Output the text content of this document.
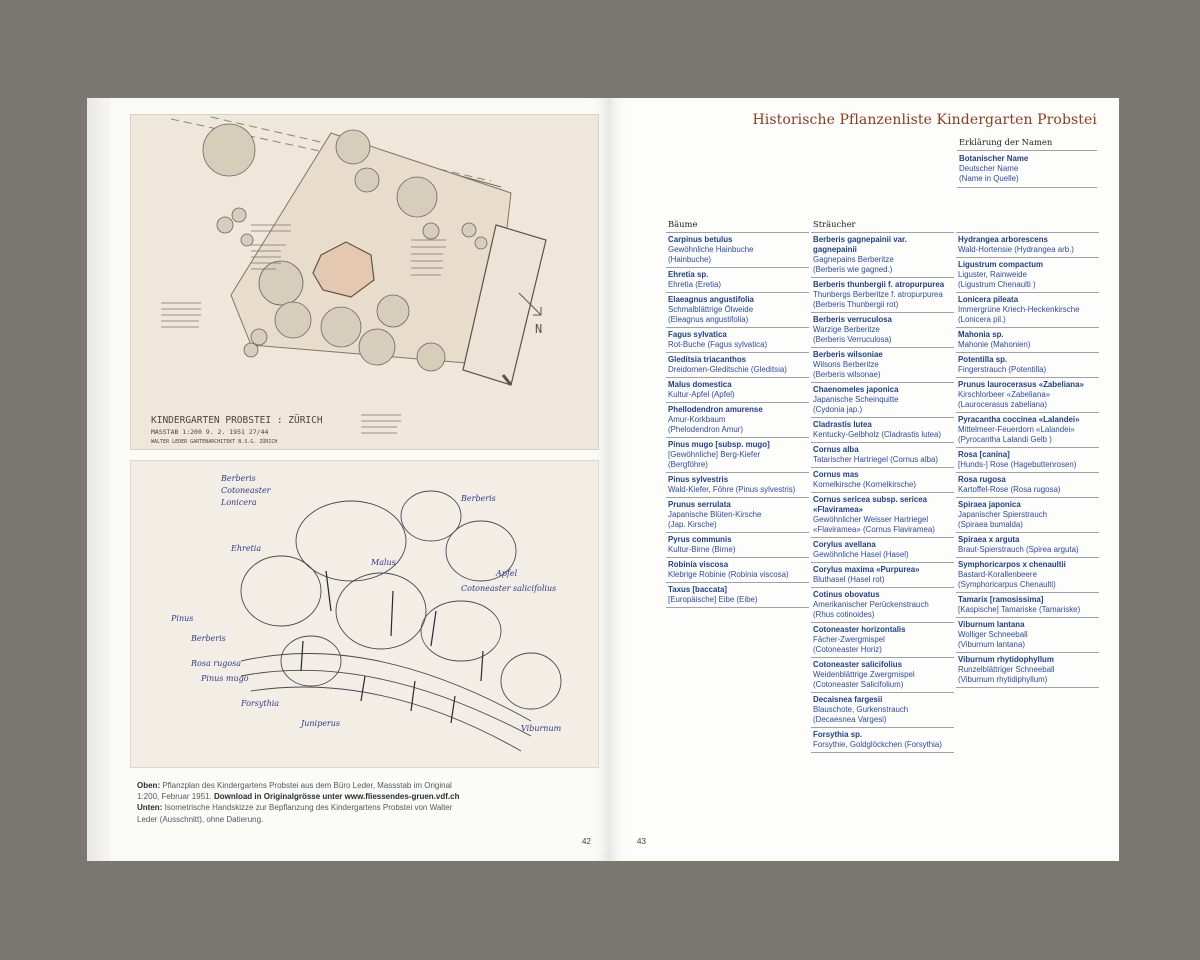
N
KINDERGARTEN PROBSTEI : ZÜRICH
MASSTAB 1:200 9. 2. 1951 27/44
WALTER LEDER GARTENARCHITEKT B.S.G. ZÜRICH
Berberis
Cotoneaster
Lonicera
Ehretia
Malus
Berberis
Apfel
Cotoneaster salicifolius
Pinus
Berberis
Rosa rugosa
Pinus mugo
Forsythia
Juniperus
Viburnum
Oben: Pflanzplan des Kindergartens Probstei aus dem Büro Leder, Massstab im Original 1:200, Februar 1951. Download in Originalgrösse unter www.fliessendes-gruen.vdf.ch
Unten: Isometrische Handskizze zur Bepflanzung des Kindergartens Probstei von Walter Leder (Ausschnitt), ohne Datierung.
42
Historische Pflanzenliste Kindergarten Probstei
Erklärung der Namen
Botanischer Name
Deutscher Name
(Name in Quelle)
Bäume
Carpinus betulus
Gewöhnliche Hainbuche
(Hainbuche)
Ehretia sp.
Ehretia (Eretia)
Elaeagnus angustifolia
Schmalblättrige Ölweide
(Eleagnus angustifolia)
Fagus sylvatica
Rot-Buche (Fagus sylvatica)
Gleditsia triacanthos
Dreidornen-Gleditschie (Gleditsia)
Malus domestica
Kultur-Apfel (Apfel)
Phellodendron amurense
Amur-Korkbaum
(Phelodendron Amur)
Pinus mugo [subsp. mugo]
[Gewöhnliche] Berg-Kiefer
(Bergföhre)
Pinus sylvestris
Wald-Kiefer, Föhre (Pinus sylvestris)
Prunus serrulata
Japanische Blüten-Kirsche
(Jap. Kirsche)
Pyrus communis
Kultur-Birne (Birne)
Robinia viscosa
Klebrige Robinie (Robinia viscosa)
Taxus [baccata]
[Europäische] Eibe (Eibe)
Sträucher
Berberis gagnepainii var. gagnepainii
Gagnepains Berberitze
(Berberis wie gagned.)
Berberis thunbergii f. atropurpurea
Thunbergs Berberitze f. atropurpurea
(Berberis Thunbergii rot)
Berberis verruculosa
Warzige Berberitze
(Berberis Verruculosa)
Berberis wilsoniae
Wilsons Berberitze
(Berberis wilsonae)
Chaenomeles japonica
Japanische Scheinquitte
(Cydonia jap.)
Cladrastis lutea
Kentucky-Gelbholz (Cladrastis lutea)
Cornus alba
Tatarischer Hartriegel (Cornus alba)
Cornus mas
Kornelkirsche (Kornelkirsche)
Cornus sericea subsp. sericea «Flaviramea»
Gewöhnlicher Weisser Hartriegel «Flaviramea» (Cornus Flaviramea)
Corylus avellana
Gewöhnliche Hasel (Hasel)
Corylus maxima «Purpurea»
Bluthasel (Hasel rot)
Cotinus obovatus
Amerikanischer Perückenstrauch
(Rhus cotinoides)
Cotoneaster horizontalis
Fächer-Zwergmispel
(Cotoneaster Horiz)
Cotoneaster salicifolius
Weidenblättrige Zwergmispel
(Cotoneaster Salicifolium)
Decaisnea fargesii
Blauschote, Gurkenstrauch
(Decaesnea Vargesi)
Forsythia sp.
Forsythie, Goldglöckchen (Forsythia)
Hydrangea arborescens
Wald-Hortensie (Hydrangea arb.)
Ligustrum compactum
Liguster, Rainweide
(Ligustrum Chenaulti )
Lonicera pileata
Immergrüne Kriech-Heckenkirsche
(Lonicera pil.)
Mahonia sp.
Mahonie (Mahonien)
Potentilla sp.
Fingerstrauch (Potentilla)
Prunus laurocerasus «Zabeliana»
Kirschlorbeer «Zabeliana»
(Laurocerasus zabeliana)
Pyracantha coccinea «Lalandei»
Mittelmeer-Feuerdorn «Lalandei»
(Pyrocantha Lalandi Gelb )
Rosa [canina]
[Hunds-] Rose (Hagebuttenrosen)
Rosa rugosa
Kartoffel-Rose (Rosa rugosa)
Spiraea japonica
Japanischer Spierstrauch
(Spiraea bumalda)
Spiraea x arguta
Braut-Spierstrauch (Spirea arguta)
Symphoricarpos x chenaultii
Bastard-Korallenbeere
(Symphoricarpus Chenaulti)
Tamarix [ramosissima]
[Kaspische] Tamariske (Tamariske)
Viburnum lantana
Wolliger Schneeball
(Viburnum lantana)
Viburnum rhytidophyllum
Runzelblättriger Schneeball
(Viburnum rhytidiphyllum)
43
